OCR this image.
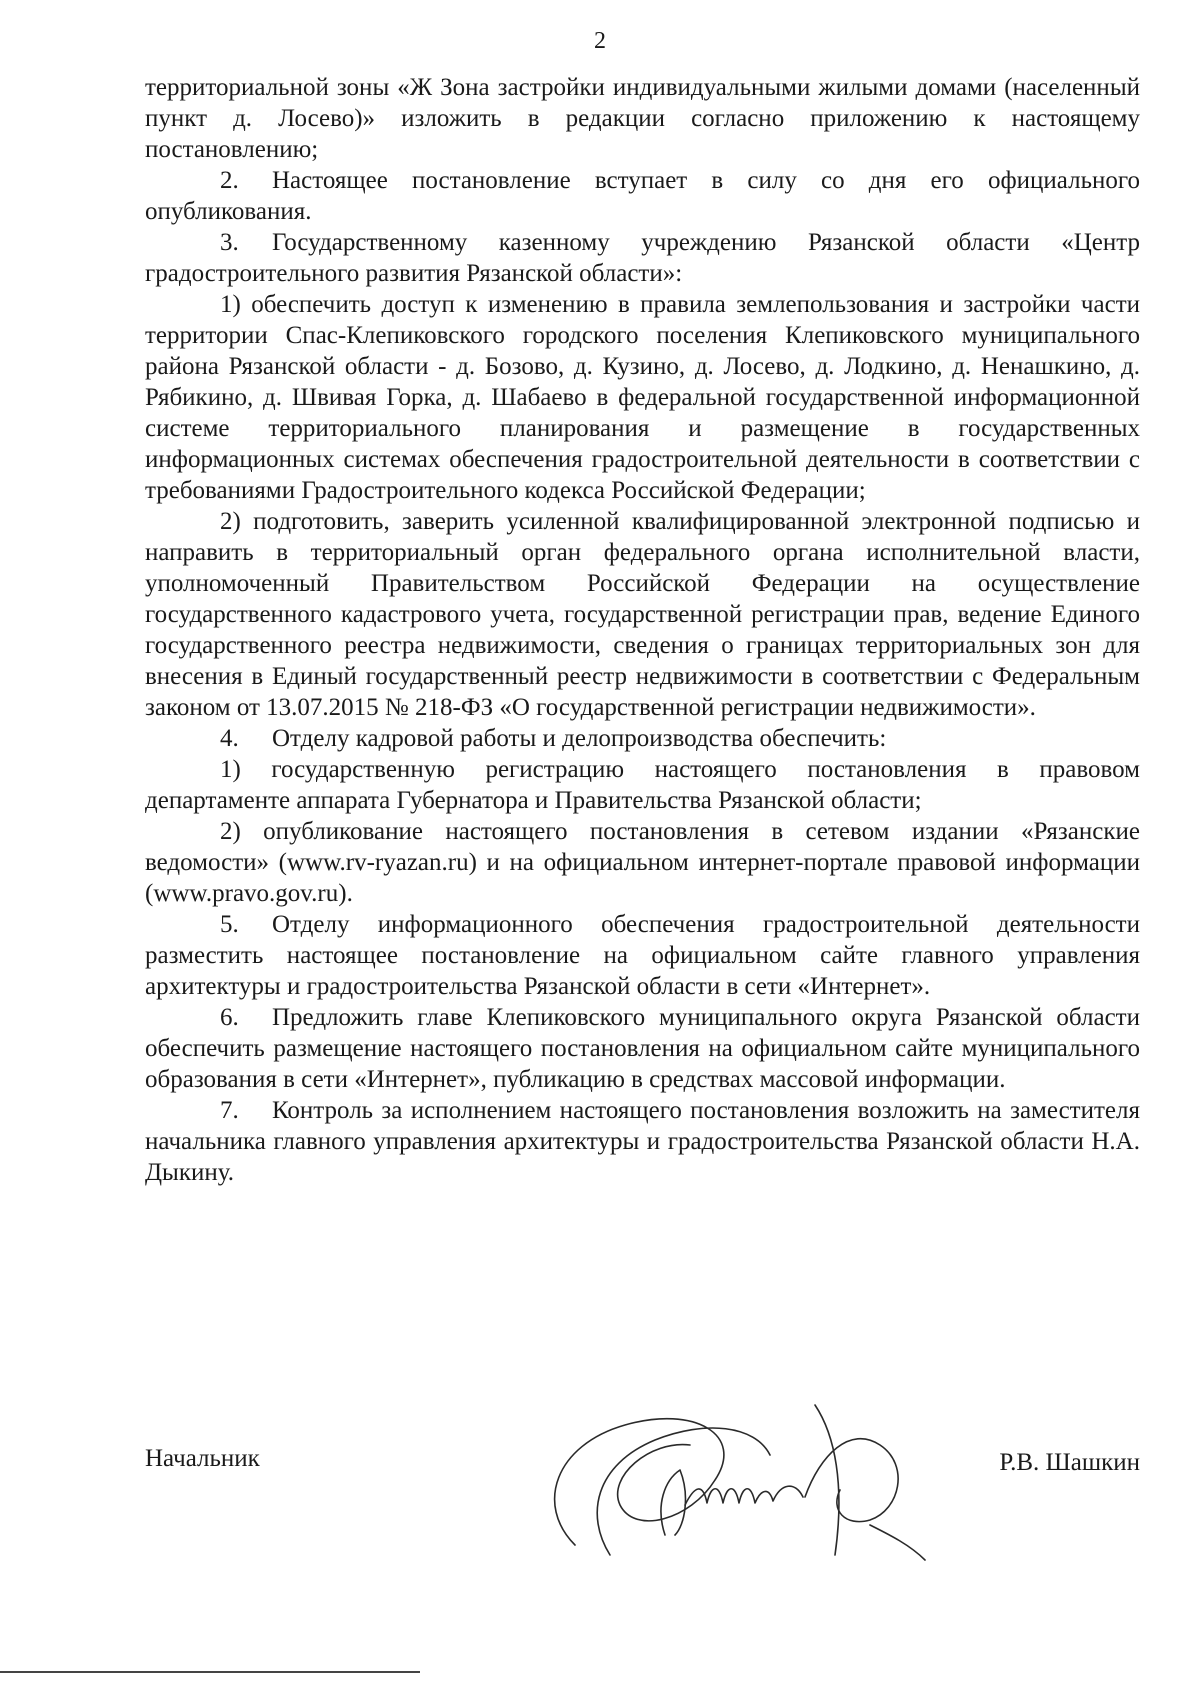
2

территориальной зоны «Ж Зона застройки индивидуальными жилыми домами (населенный пункт д. Лосево)» изложить в редакции согласно приложению к настоящему постановлению;

2. Настоящее постановление вступает в силу со дня его официального опубликования.

3. Государственному казенному учреждению Рязанской области «Центр градостроительного развития Рязанской области»:

1) обеспечить доступ к изменению в правила землепользования и застройки части территории Спас-Клепиковского городского поселения Клепиковского муниципального района Рязанской области - д. Бозово, д. Кузино, д. Лосево, д. Лодкино, д. Ненашкино, д. Рябикино, д. Швивая Горка, д. Шабаево в федеральной государственной информационной системе территориального планирования и размещение в государственных информационных системах обеспечения градостроительной деятельности в соответствии с требованиями Градостроительного кодекса Российской Федерации;

2) подготовить, заверить усиленной квалифицированной электронной подписью и направить в территориальный орган федерального органа исполнительной власти, уполномоченный Правительством Российской Федерации на осуществление государственного кадастрового учета, государственной регистрации прав, ведение Единого государственного реестра недвижимости, сведения о границах территориальных зон для внесения в Единый государственный реестр недвижимости в соответствии с Федеральным законом от 13.07.2015 № 218-ФЗ «О государственной регистрации недвижимости».

4. Отделу кадровой работы и делопроизводства обеспечить:

1) государственную регистрацию настоящего постановления в правовом департаменте аппарата Губернатора и Правительства Рязанской области;

2) опубликование настоящего постановления в сетевом издании «Рязанские ведомости» (www.rv-ryazan.ru) и на официальном интернет-портале правовой информации (www.pravo.gov.ru).

5. Отделу информационного обеспечения градостроительной деятельности разместить настоящее постановление на официальном сайте главного управления архитектуры и градостроительства Рязанской области в сети «Интернет».

6. Предложить главе Клепиковского муниципального округа Рязанской области обеспечить размещение настоящего постановления на официальном сайте муниципального образования в сети «Интернет», публикацию в средствах массовой информации.

7. Контроль за исполнением настоящего постановления возложить на заместителя начальника главного управления архитектуры и градостроительства Рязанской области Н.А. Дыкину.

Начальник	Р.В. Шашкин
